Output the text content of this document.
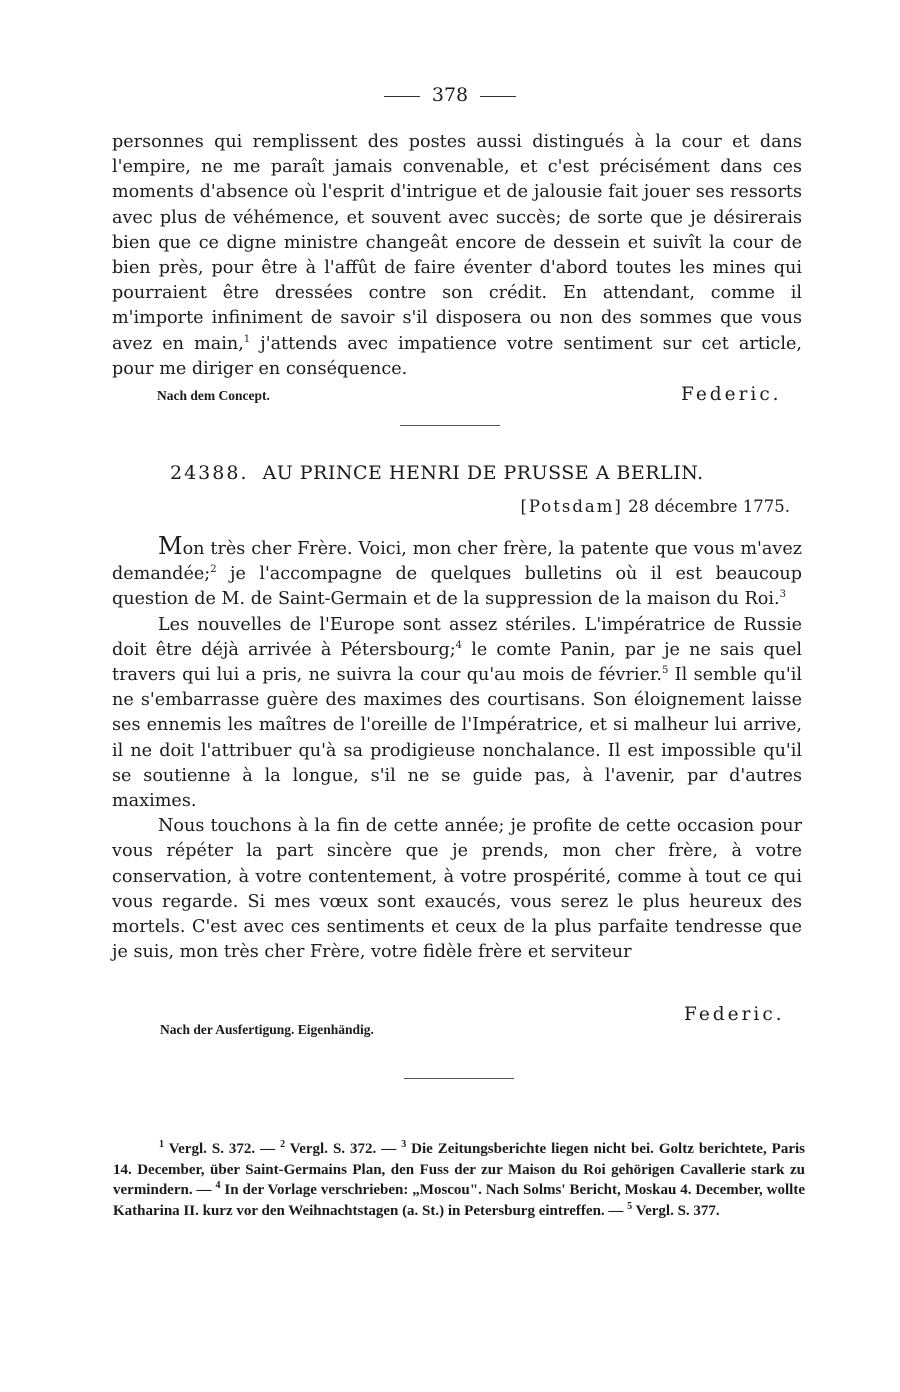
378

personnes qui remplissent des postes aussi distingués à la cour et dans l'empire, ne me paraît jamais convenable, et c'est précisément dans ces moments d'absence où l'esprit d'intrigue et de jalousie fait jouer ses ressorts avec plus de véhémence, et souvent avec succès; de sorte que je désirerais bien que ce digne ministre changeât encore de dessein et suivît la cour de bien près, pour être à l'affût de faire éventer d'abord toutes les mines qui pourraient être dressées contre son crédit. En attendant, comme il m'importe infiniment de savoir s'il disposera ou non des sommes que vous avez en main,$^1$ j'attends avec impatience votre sentiment sur cet article, pour me diriger en conséquence.

Nach dem Concept.	Federic.
24388. AU PRINCE HENRI DE PRUSSE A BERLIN.
[Potsdam] 28 décembre 1775.

Mon très cher Frère. Voici, mon cher frère, la patente que vous m'avez demandée;$^2$ je l'accompagne de quelques bulletins où il est beaucoup question de M. de Saint-Germain et de la suppression de la maison du Roi.$^3$

Les nouvelles de l'Europe sont assez stériles. L'impératrice de Russie doit être déjà arrivée à Pétersbourg;$^4$ le comte Panin, par je ne sais quel travers qui lui a pris, ne suivra la cour qu'au mois de février.$^5$ Il semble qu'il ne s'embarrasse guère des maximes des courtisans. Son éloignement laisse ses ennemis les maîtres de l'oreille de l'Impératrice, et si malheur lui arrive, il ne doit l'attribuer qu'à sa prodigieuse nonchalance. Il est impossible qu'il se soutienne à la longue, s'il ne se guide pas, à l'avenir, par d'autres maximes.

Nous touchons à la fin de cette année; je profite de cette occasion pour vous répéter la part sincère que je prends, mon cher frère, à votre conservation, à votre contentement, à votre prospérité, comme à tout ce qui vous regarde. Si mes vœux sont exaucés, vous serez le plus heureux des mortels. C'est avec ces sentiments et ceux de la plus parfaite tendresse que je suis, mon très cher Frère, votre fidèle frère et serviteur

Nach der Ausfertigung. Eigenhändig.
Federic.

$^1$ Vergl. S. 372. — $^2$ Vergl. S. 372. — $^3$ Die Zeitungsberichte liegen nicht bei. Goltz berichtete, Paris 14. December, über Saint-Germains Plan, den Fuss der zur Maison du Roi gehörigen Cavallerie stark zu vermindern. — $^4$ In der Vorlage verschrieben: „Moscou". Nach Solms' Bericht, Moskau 4. December, wollte Katharina II. kurz vor den Weihnachtstagen (a. St.) in Petersburg eintreffen. — $^5$ Vergl. S. 377.
